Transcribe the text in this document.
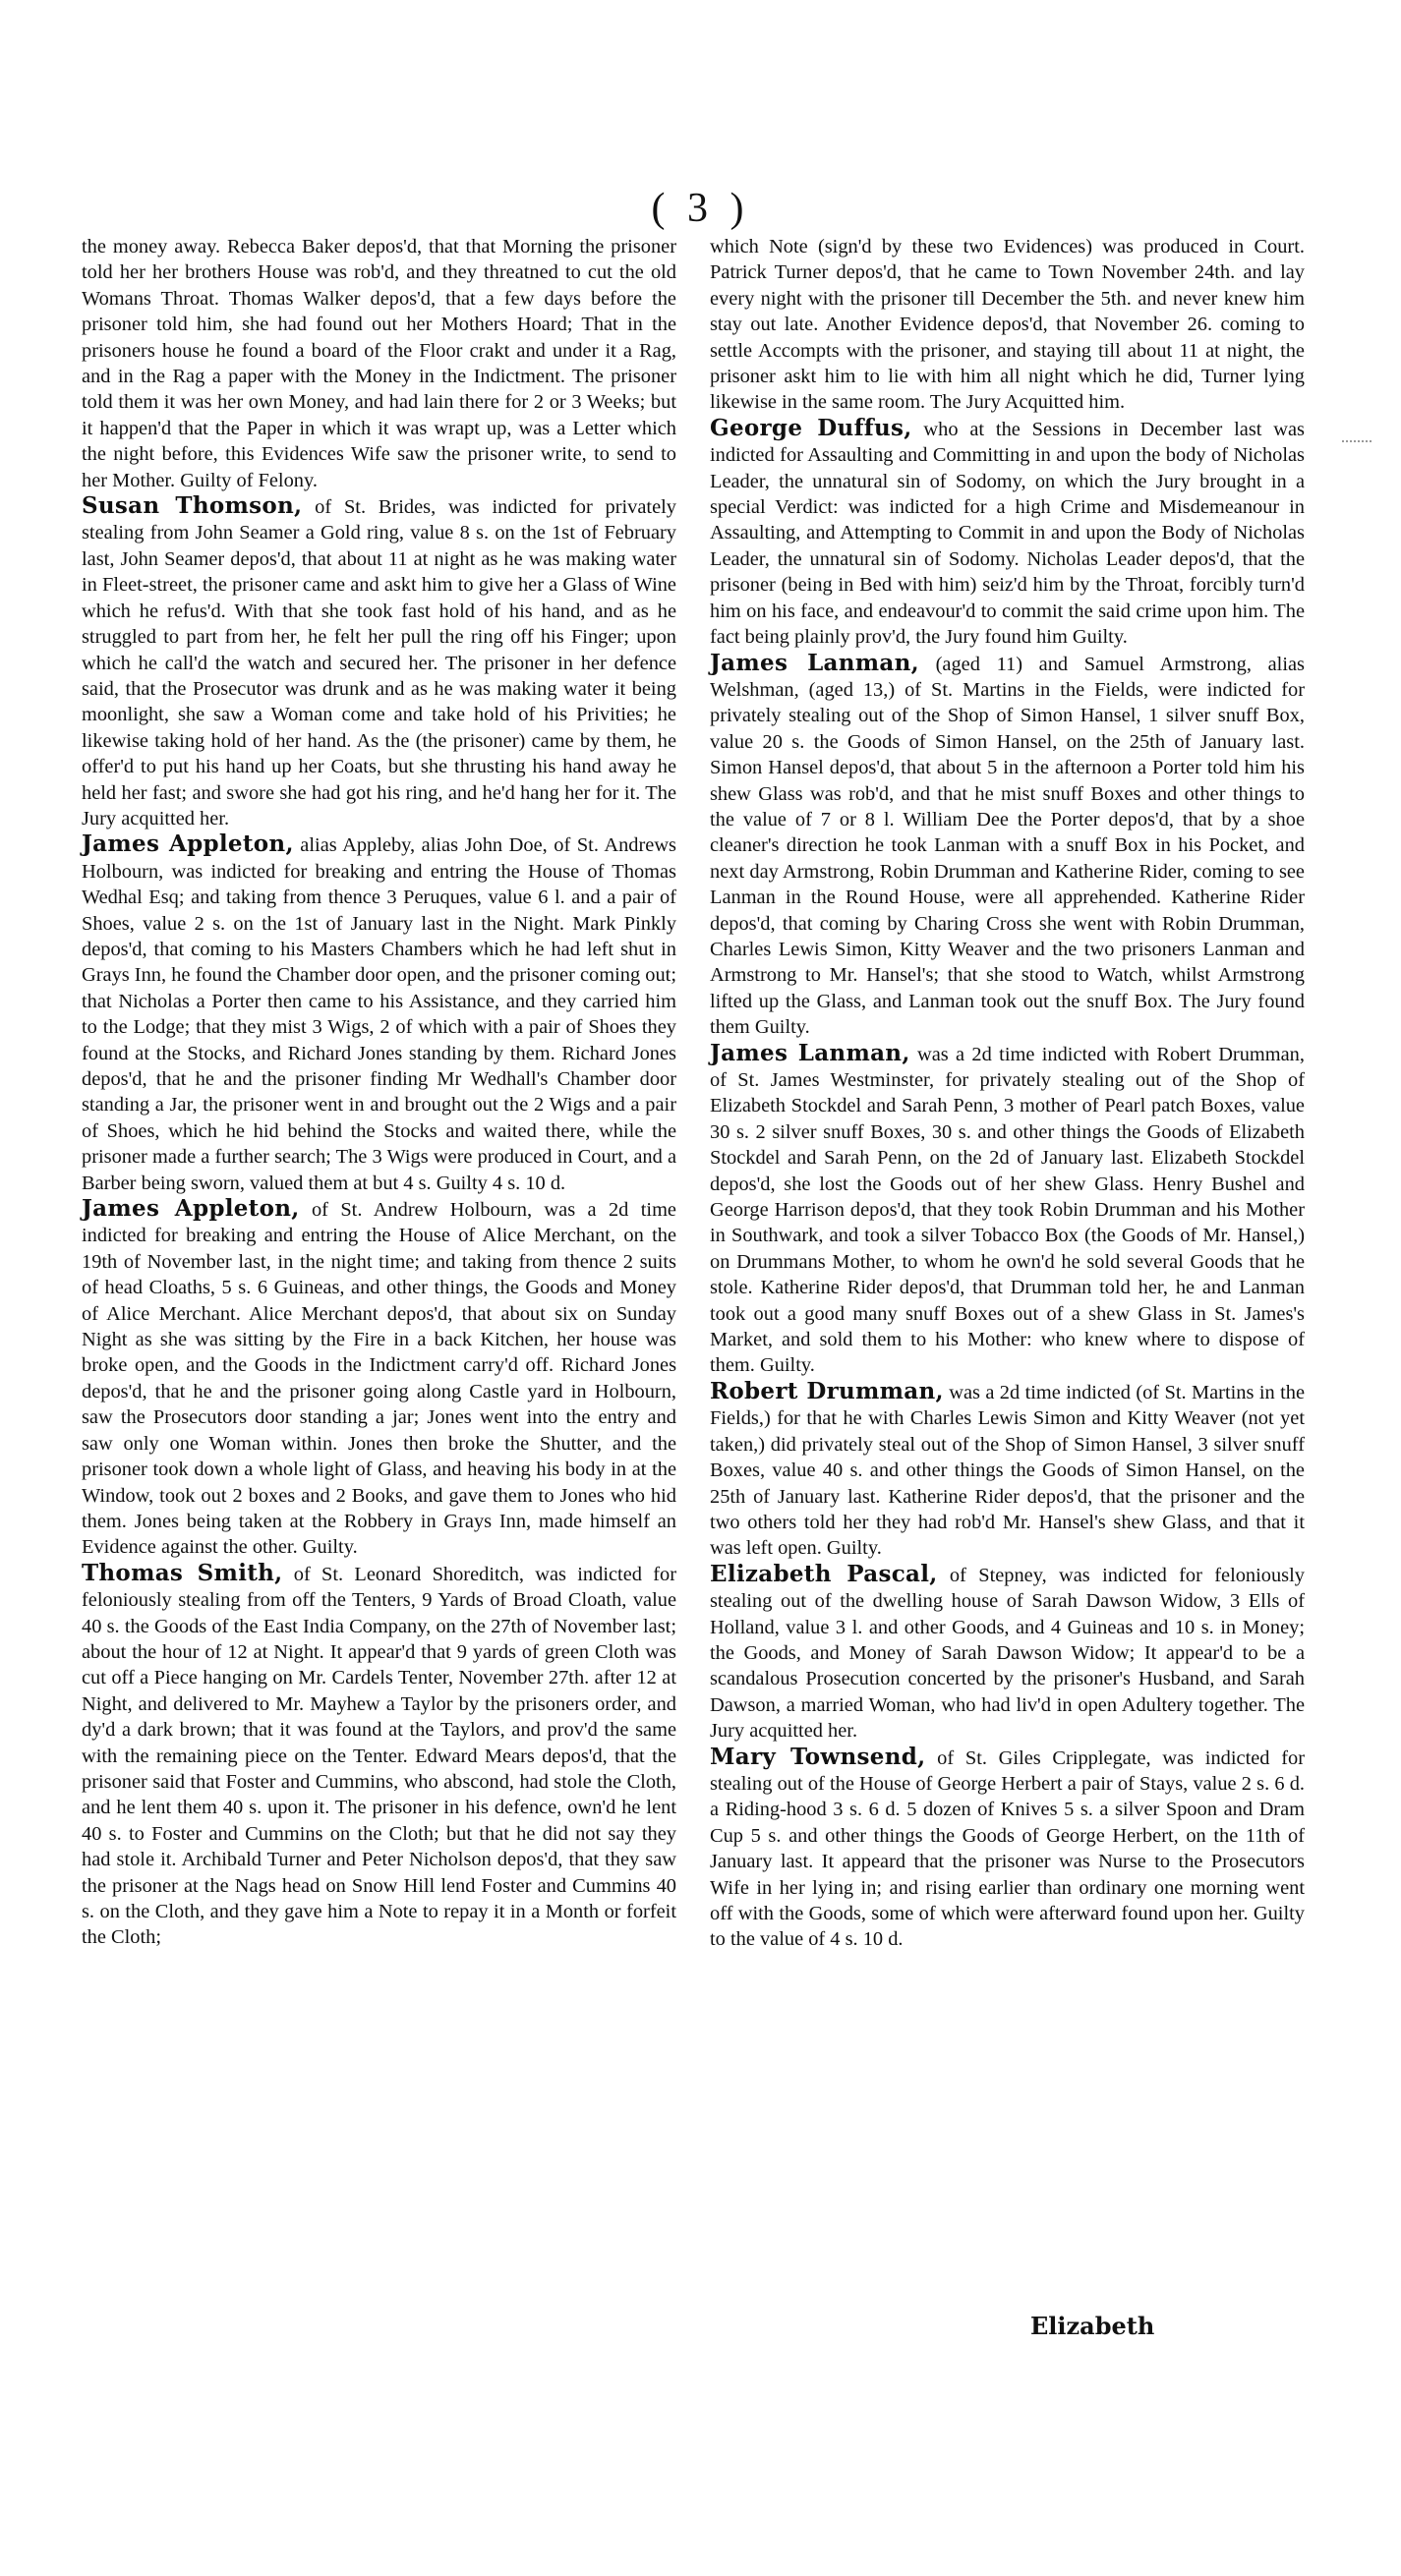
( 3 )

the money away. Rebecca Baker depos'd, that that Morning the prisoner told her her brothers House was rob'd, and they threatned to cut the old Womans Throat. Thomas Walker depos'd, that a few days before the prisoner told him, she had found out her Mothers Hoard; That in the prisoners house he found a board of the Floor crakt and under it a Rag, and in the Rag a paper with the Money in the Indictment. The prisoner told them it was her own Money, and had lain there for 2 or 3 Weeks; but it happen'd that the Paper in which it was wrapt up, was a Letter which the night before, this Evidences Wife saw the prisoner write, to send to her Mother. Guilty of Felony.

Susan Thomson, of St. Brides, was indicted for privately stealing from John Seamer a Gold ring, value 8 s. on the 1st of February last, John Seamer depos'd, that about 11 at night as he was making water in Fleet-street, the prisoner came and askt him to give her a Glass of Wine which he refus'd. With that she took fast hold of his hand, and as he struggled to part from her, he felt her pull the ring off his Finger; upon which he call'd the watch and secured her. The prisoner in her defence said, that the Prosecutor was drunk and as he was making water it being moonlight, she saw a Woman come and take hold of his Privities; he likewise taking hold of her hand. As the (the prisoner) came by them, he offer'd to put his hand up her Coats, but she thrusting his hand away he held her fast; and swore she had got his ring, and he'd hang her for it. The Jury acquitted her.

James Appleton, alias Appleby, alias John Doe, of St. Andrews Holbourn, was indicted for breaking and entring the House of Thomas Wedhal Esq; and taking from thence 3 Peruques, value 6 l. and a pair of Shoes, value 2 s. on the 1st of January last in the Night. Mark Pinkly depos'd, that coming to his Masters Chambers which he had left shut in Grays Inn, he found the Chamber door open, and the prisoner coming out; that Nicholas a Porter then came to his Assistance, and they carried him to the Lodge; that they mist 3 Wigs, 2 of which with a pair of Shoes they found at the Stocks, and Richard Jones standing by them. Richard Jones depos'd, that he and the prisoner finding Mr Wedhall's Chamber door standing a Jar, the prisoner went in and brought out the 2 Wigs and a pair of Shoes, which he hid behind the Stocks and waited there, while the prisoner made a further search; The 3 Wigs were produced in Court, and a Barber being sworn, valued them at but 4 s. Guilty 4 s. 10 d.

James Appleton, of St. Andrew Holbourn, was a 2d time indicted for breaking and entring the House of Alice Merchant, on the 19th of November last, in the night time; and taking from thence 2 suits of head Cloaths, 5 s. 6 Guineas, and other things, the Goods and Money of Alice Merchant. Alice Merchant depos'd, that about six on Sunday Night as she was sitting by the Fire in a back Kitchen, her house was broke open, and the Goods in the Indictment carry'd off. Richard Jones depos'd, that he and the prisoner going along Castle yard in Holbourn, saw the Prosecutors door standing a jar; Jones went into the entry and saw only one Woman within. Jones then broke the Shutter, and the prisoner took down a whole light of Glass, and heaving his body in at the Window, took out 2 boxes and 2 Books, and gave them to Jones who hid them. Jones being taken at the Robbery in Grays Inn, made himself an Evidence against the other. Guilty.

Thomas Smith, of St. Leonard Shoreditch, was indicted for feloniously stealing from off the Tenters, 9 Yards of Broad Cloath, value 40 s. the Goods of the East India Company, on the 27th of November last; about the hour of 12 at Night. It appear'd that 9 yards of green Cloth was cut off a Piece hanging on Mr. Cardels Tenter, November 27th. after 12 at Night, and delivered to Mr. Mayhew a Taylor by the prisoners order, and dy'd a dark brown; that it was found at the Taylors, and prov'd the same with the remaining piece on the Tenter. Edward Mears depos'd, that the prisoner said that Foster and Cummins, who abscond, had stole the Cloth, and he lent them 40 s. upon it. The prisoner in his defence, own'd he lent 40 s. to Foster and Cummins on the Cloth; but that he did not say they had stole it. Archibald Turner and Peter Nicholson depos'd, that they saw the prisoner at the Nags head on Snow Hill lend Foster and Cummins 40 s. on the Cloth, and they gave him a Note to repay it in a Month or forfeit the Cloth;

which Note (sign'd by these two Evidences) was produced in Court. Patrick Turner depos'd, that he came to Town November 24th. and lay every night with the prisoner till December the 5th. and never knew him stay out late. Another Evidence depos'd, that November 26. coming to settle Accompts with the prisoner, and staying till about 11 at night, the prisoner askt him to lie with him all night which he did, Turner lying likewise in the same room. The Jury Acquitted him.

George Duffus, who at the Sessions in December last was indicted for Assaulting and Committing in and upon the body of Nicholas Leader, the unnatural sin of Sodomy, on which the Jury brought in a special Verdict: was indicted for a high Crime and Misdemeanour in Assaulting, and Attempting to Commit in and upon the Body of Nicholas Leader, the unnatural sin of Sodomy. Nicholas Leader depos'd, that the prisoner (being in Bed with him) seiz'd him by the Throat, forcibly turn'd him on his face, and endeavour'd to commit the said crime upon him. The fact being plainly prov'd, the Jury found him Guilty.

James Lanman, (aged 11) and Samuel Armstrong, alias Welshman, (aged 13,) of St. Martins in the Fields, were indicted for privately stealing out of the Shop of Simon Hansel, 1 silver snuff Box, value 20 s. the Goods of Simon Hansel, on the 25th of January last. Simon Hansel depos'd, that about 5 in the afternoon a Porter told him his shew Glass was rob'd, and that he mist snuff Boxes and other things to the value of 7 or 8 l. William Dee the Porter depos'd, that by a shoe cleaner's direction he took Lanman with a snuff Box in his Pocket, and next day Armstrong, Robin Drumman and Katherine Rider, coming to see Lanman in the Round House, were all apprehended. Katherine Rider depos'd, that coming by Charing Cross she went with Robin Drumman, Charles Lewis Simon, Kitty Weaver and the two prisoners Lanman and Armstrong to Mr. Hansel's; that she stood to Watch, whilst Armstrong lifted up the Glass, and Lanman took out the snuff Box. The Jury found them Guilty.

James Lanman, was a 2d time indicted with Robert Drumman, of St. James Westminster, for privately stealing out of the Shop of Elizabeth Stockdel and Sarah Penn, 3 mother of Pearl patch Boxes, value 30 s. 2 silver snuff Boxes, 30 s. and other things the Goods of Elizabeth Stockdel and Sarah Penn, on the 2d of January last. Elizabeth Stockdel depos'd, she lost the Goods out of her shew Glass. Henry Bushel and George Harrison depos'd, that they took Robin Drumman and his Mother in Southwark, and took a silver Tobacco Box (the Goods of Mr. Hansel,) on Drummans Mother, to whom he own'd he sold several Goods that he stole. Katherine Rider depos'd, that Drumman told her, he and Lanman took out a good many snuff Boxes out of a shew Glass in St. James's Market, and sold them to his Mother: who knew where to dispose of them. Guilty.

Robert Drumman, was a 2d time indicted (of St. Martins in the Fields,) for that he with Charles Lewis Simon and Kitty Weaver (not yet taken,) did privately steal out of the Shop of Simon Hansel, 3 silver snuff Boxes, value 40 s. and other things the Goods of Simon Hansel, on the 25th of January last. Katherine Rider depos'd, that the prisoner and the two others told her they had rob'd Mr. Hansel's shew Glass, and that it was left open. Guilty.

Elizabeth Pascal, of Stepney, was indicted for feloniously stealing out of the dwelling house of Sarah Dawson Widow, 3 Ells of Holland, value 3 l. and other Goods, and 4 Guineas and 10 s. in Money; the Goods, and Money of Sarah Dawson Widow; It appear'd to be a scandalous Prosecution concerted by the prisoner's Husband, and Sarah Dawson, a married Woman, who had liv'd in open Adultery together. The Jury acquitted her.

Mary Townsend, of St. Giles Cripplegate, was indicted for stealing out of the House of George Herbert a pair of Stays, value 2 s. 6 d. a Riding-hood 3 s. 6 d. 5 dozen of Knives 5 s. a silver Spoon and Dram Cup 5 s. and other things the Goods of George Herbert, on the 11th of January last. It appeard that the prisoner was Nurse to the Prosecutors Wife in her lying in; and rising earlier than ordinary one morning went off with the Goods, some of which were afterward found upon her. Guilty to the value of 4 s. 10 d.

Elizabeth
